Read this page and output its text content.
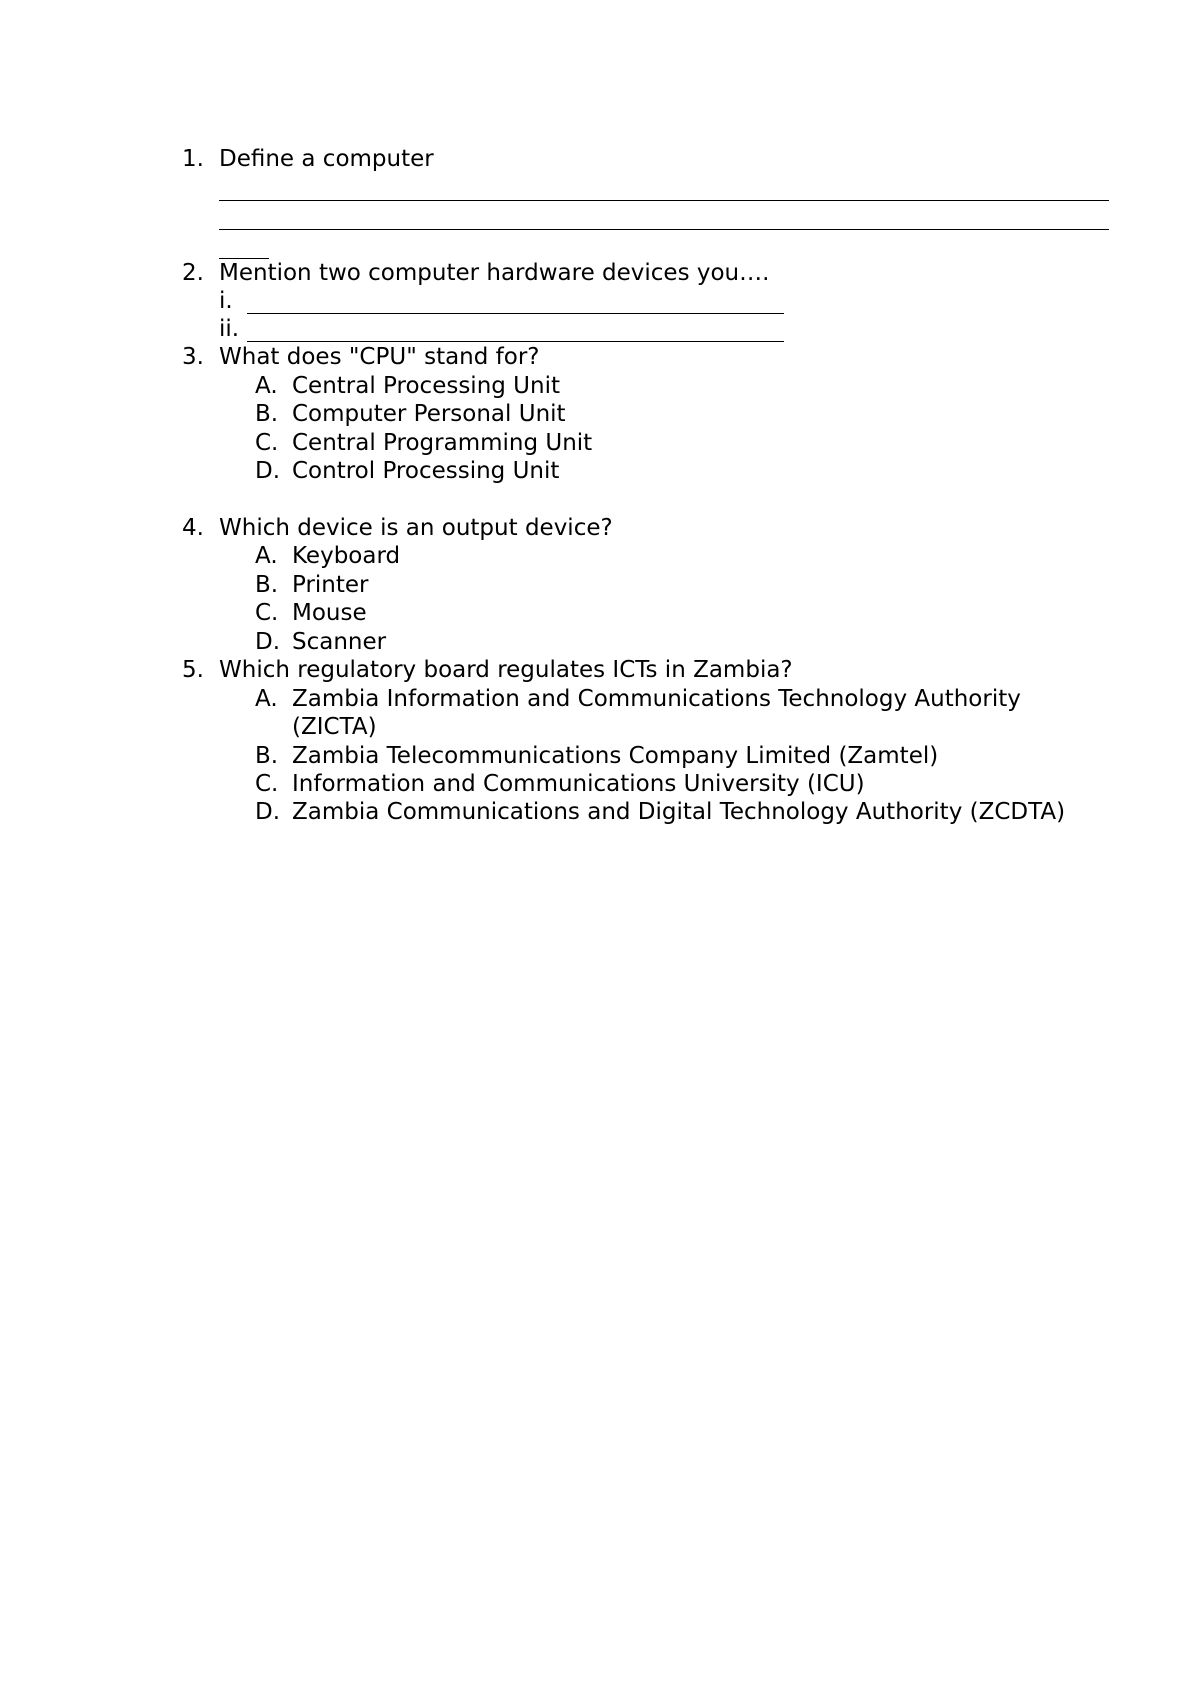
1. Define a computer
2. Mention two computer hardware devices you….
i.
ii.
3. What does "CPU" stand for?
A. Central Processing Unit
B. Computer Personal Unit
C. Central Programming Unit
D. Control Processing Unit
4. Which device is an output device?
A. Keyboard
B. Printer
C. Mouse
D. Scanner
5. Which regulatory board regulates ICTs in Zambia?
A. Zambia Information and Communications Technology Authority
(ZICTA)
B. Zambia Telecommunications Company Limited (Zamtel)
C. Information and Communications University (ICU)
D. Zambia Communications and Digital Technology Authority (ZCDTA)
